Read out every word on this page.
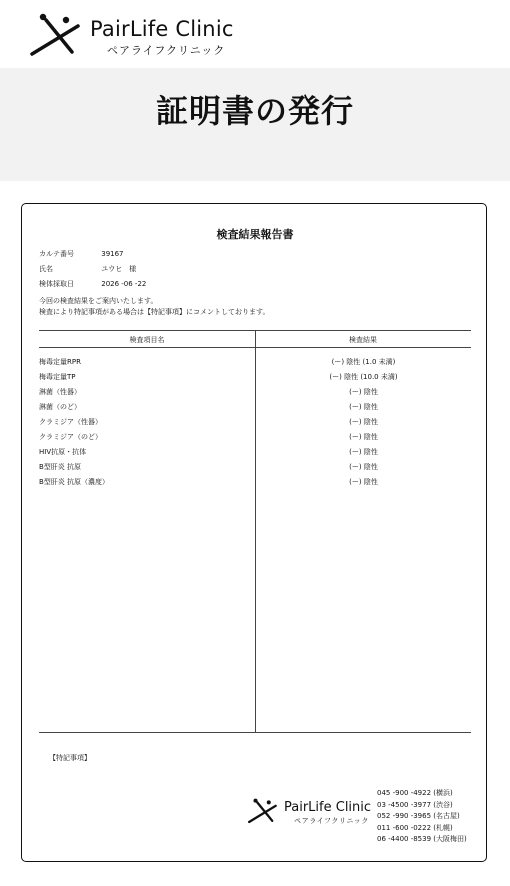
PairLife Clinic
ペアライフクリニック
証明書の発行
検査結果報告書
カルテ番号	39167
氏名	ユウヒ　様
検体採取日	2026 -06 -22
今回の検査結果をご案内いたします。
検査により特記事項がある場合は【特記事項】にコメントしております。
検査項目名	検査結果
梅毒定量RPR	(ー) 陰性 (1.0 未満)
梅毒定量TP	(ー) 陰性 (10.0 未満)
淋菌（性器）	(ー) 陰性
淋菌（のど）	(ー) 陰性
クラミジア（性器）	(ー) 陰性
クラミジア（のど）	(ー) 陰性
HIV抗原・抗体	(ー) 陰性
B型肝炎 抗原	(ー) 陰性
B型肝炎 抗原（濃度）	(ー) 陰性
【特記事項】
PairLife Clinic
ペアライフクリニック
045 -900 -4922 (横浜)
03 -4500 -3977 (渋谷)
052 -990 -3965 (名古屋)
011 -600 -0222 (札幌)
06 -4400 -8539 (大阪梅田)
